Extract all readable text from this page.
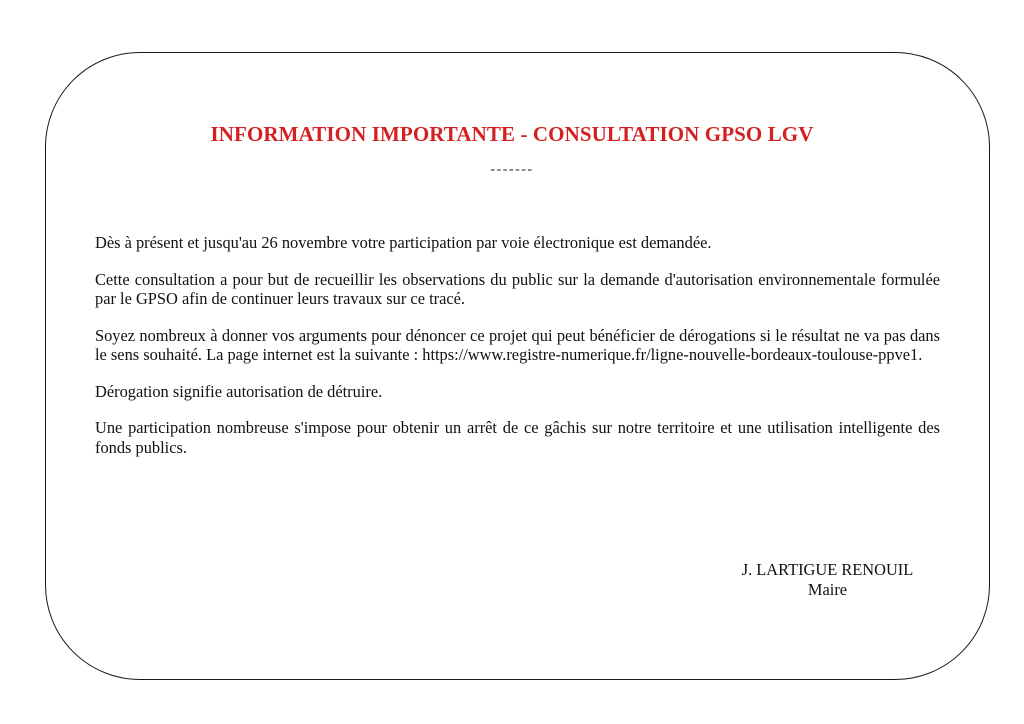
INFORMATION IMPORTANTE - CONSULTATION GPSO LGV
-------

Dès à présent et jusqu'au 26 novembre votre participation par voie électronique est demandée.

Cette consultation a pour but de recueillir les observations du public sur la demande d'autorisation environnementale formulée par le GPSO afin de continuer leurs travaux sur ce tracé.

Soyez nombreux à donner vos arguments pour dénoncer ce projet qui peut bénéficier de dérogations si le résultat ne va pas dans le sens souhaité. La page internet est la suivante : https://www.registre-numerique.fr/ligne-nouvelle-bordeaux-toulouse-ppve1.

Dérogation signifie autorisation de détruire.

Une participation nombreuse s'impose pour obtenir un arrêt de ce gâchis sur notre territoire et une utilisation intelligente des fonds publics.

J. LARTIGUE RENOUIL
Maire
